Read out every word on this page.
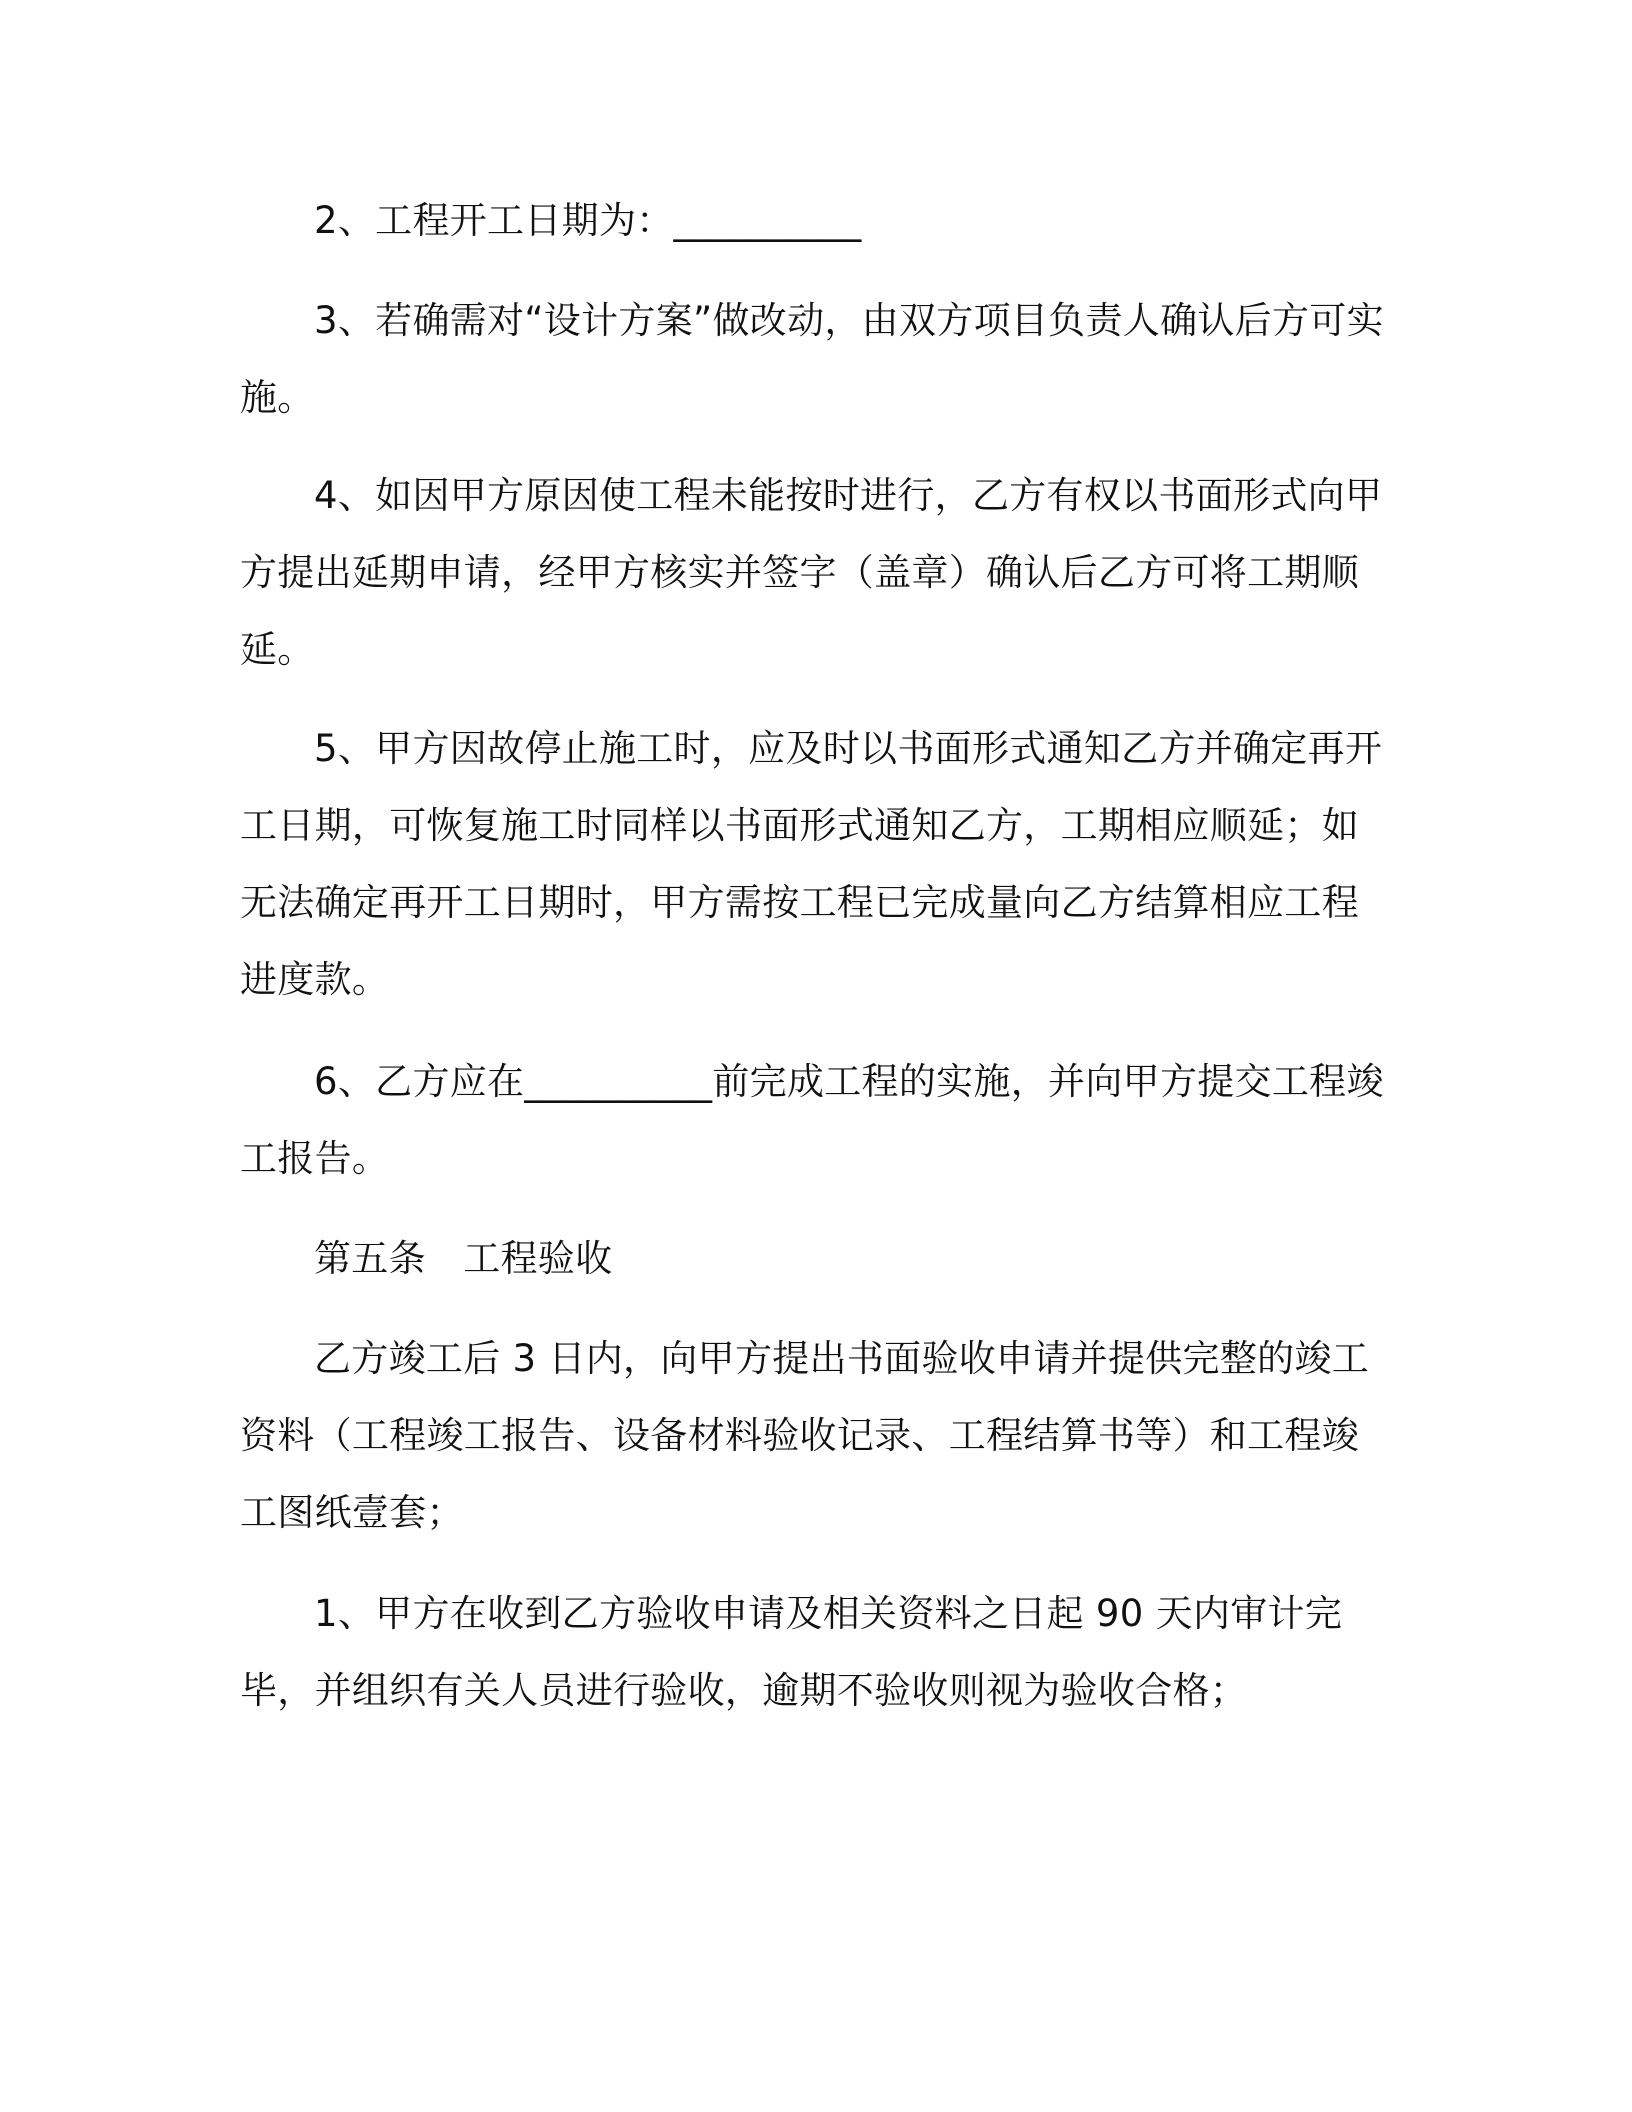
2、工程开工日期为：__________

3、若确需对“设计方案”做改动，由双方项目负责人确认后方可实施。

4、如因甲方原因使工程未能按时进行，乙方有权以书面形式向甲方提出延期申请，经甲方核实并签字（盖章）确认后乙方可将工期顺延。

5、甲方因故停止施工时，应及时以书面形式通知乙方并确定再开工日期，可恢复施工时同样以书面形式通知乙方，工期相应顺延；如无法确定再开工日期时，甲方需按工程已完成量向乙方结算相应工程进度款。

6、乙方应在__________前完成工程的实施，并向甲方提交工程竣工报告。

第五条　工程验收

乙方竣工后 3 日内，向甲方提出书面验收申请并提供完整的竣工资料（工程竣工报告、设备材料验收记录、工程结算书等）和工程竣工图纸壹套；

1、甲方在收到乙方验收申请及相关资料之日起 90 天内审计完毕，并组织有关人员进行验收，逾期不验收则视为验收合格；
